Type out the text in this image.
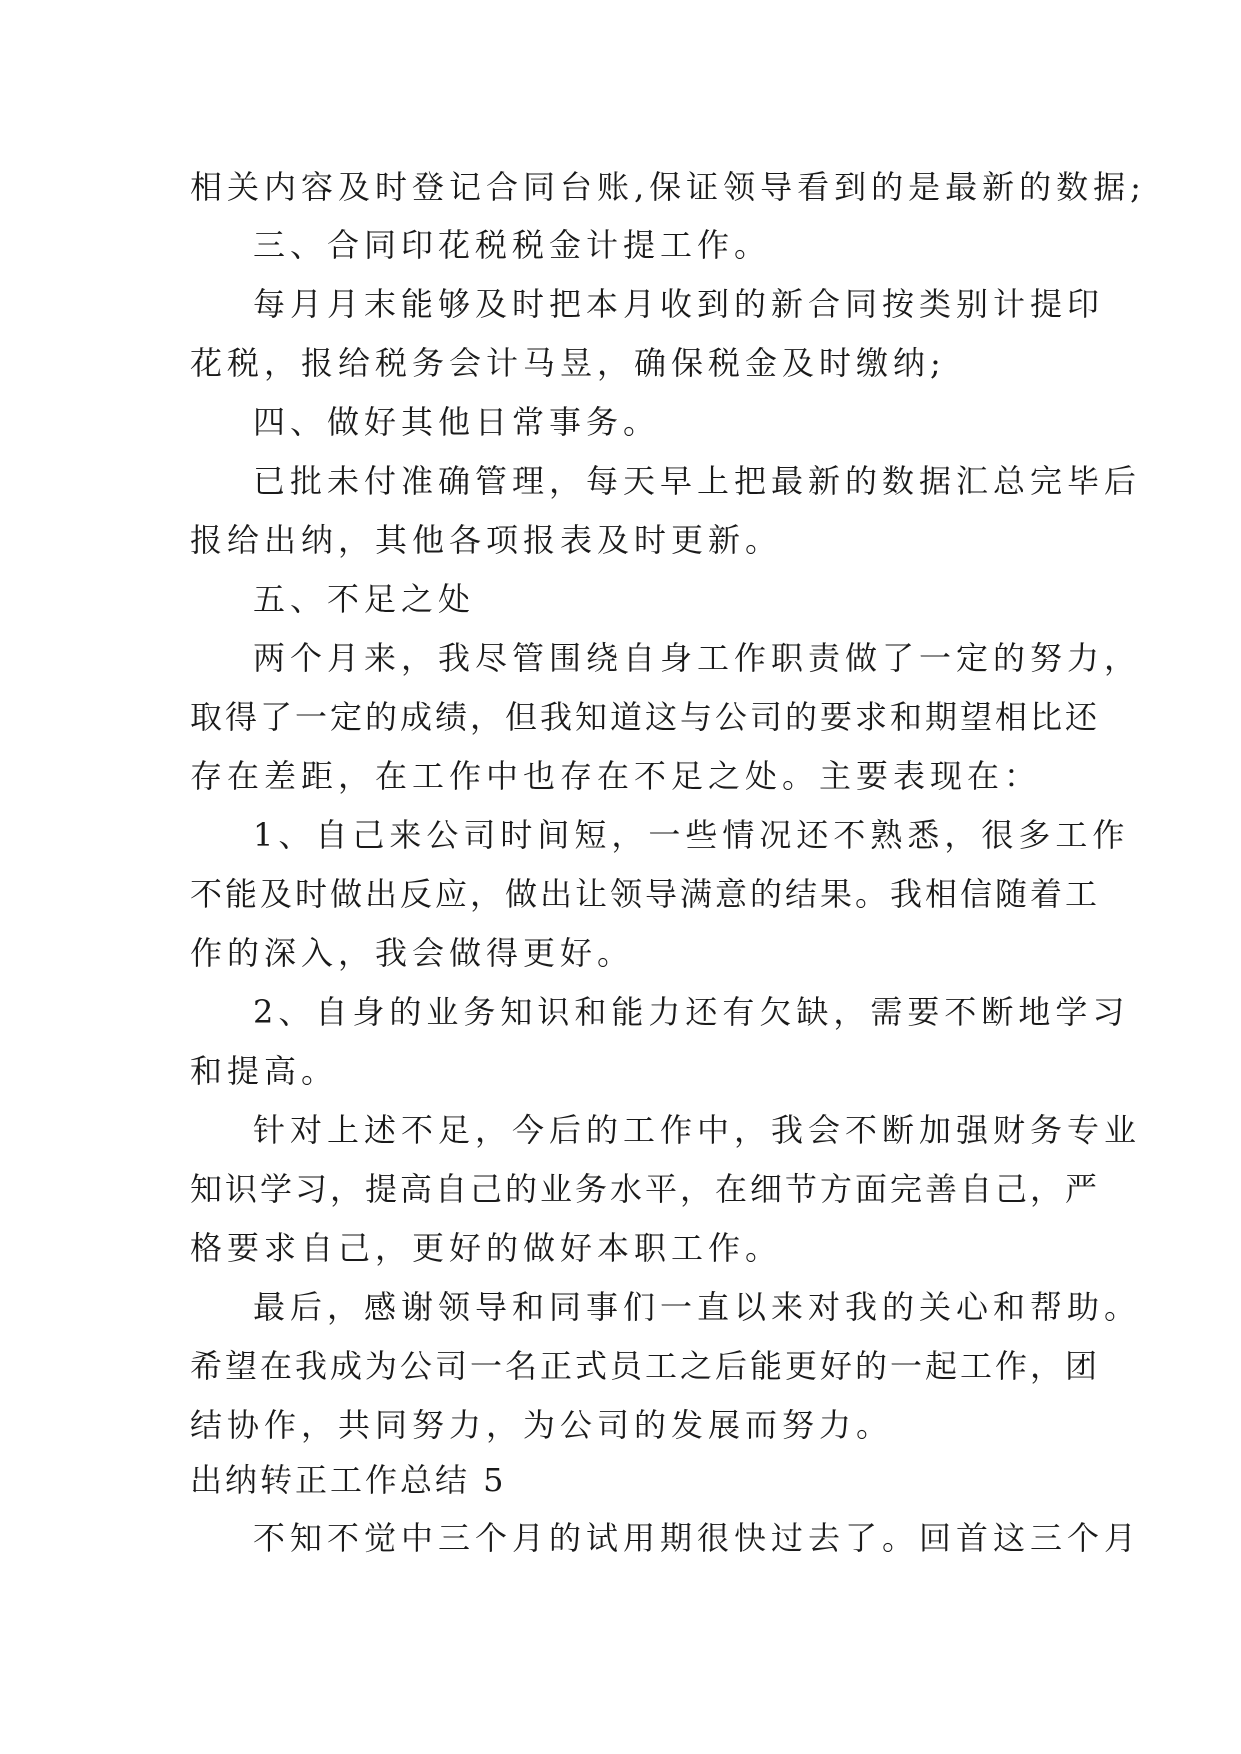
相关内容及时登记合同台账,保证领导看到的是最新的数据;
三、合同印花税税金计提工作。
每月月末能够及时把本月收到的新合同按类别计提印
花税，报给税务会计马昱，确保税金及时缴纳;
四、做好其他日常事务。
已批未付准确管理，每天早上把最新的数据汇总完毕后
报给出纳，其他各项报表及时更新。
五、不足之处
两个月来，我尽管围绕自身工作职责做了一定的努力，
取得了一定的成绩，但我知道这与公司的要求和期望相比还
存在差距，在工作中也存在不足之处。主要表现在：
1、自己来公司时间短，一些情况还不熟悉，很多工作
不能及时做出反应，做出让领导满意的结果。我相信随着工
作的深入，我会做得更好。
2、自身的业务知识和能力还有欠缺，需要不断地学习
和提高。
针对上述不足，今后的工作中，我会不断加强财务专业
知识学习，提高自己的业务水平，在细节方面完善自己，严
格要求自己，更好的做好本职工作。
最后，感谢领导和同事们一直以来对我的关心和帮助。
希望在我成为公司一名正式员工之后能更好的一起工作，团
结协作，共同努力，为公司的发展而努力。
出纳转正工作总结 5
不知不觉中三个月的试用期很快过去了。回首这三个月
